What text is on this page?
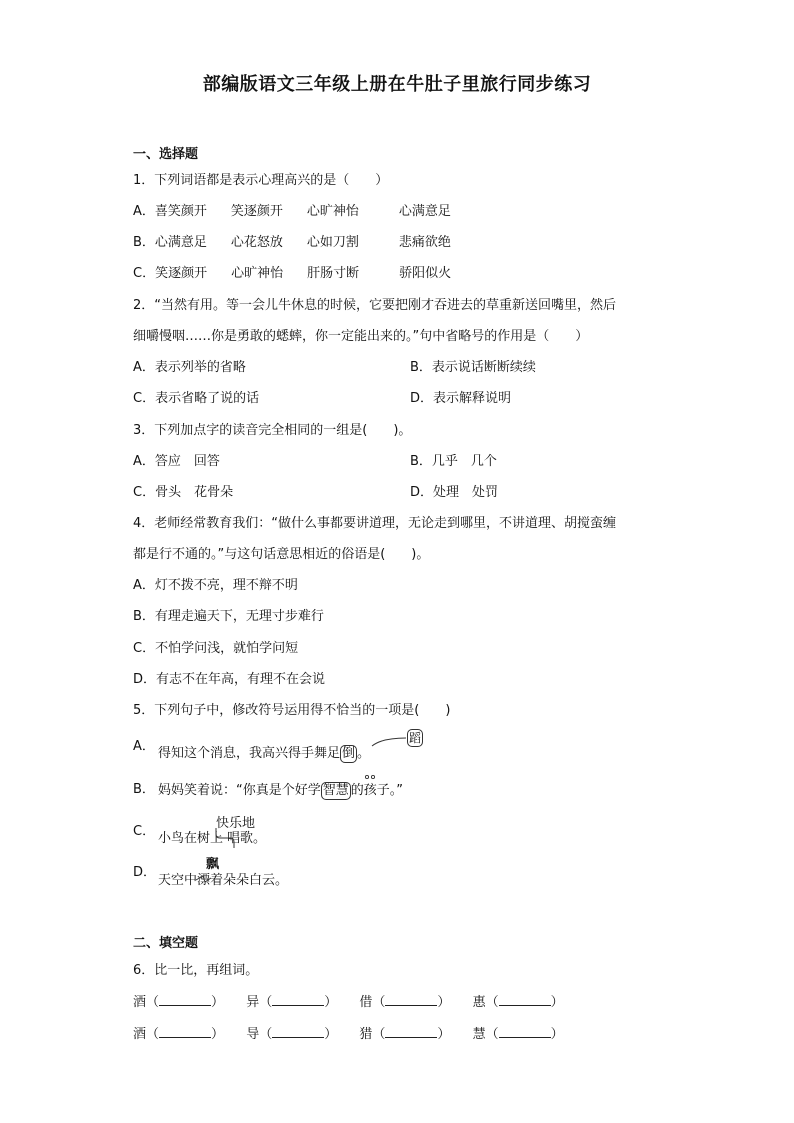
部编版语文三年级上册在牛肚子里旅行同步练习
一、选择题
1．下列词语都是表示心理高兴的是（　　）
A．喜笑颜开 笑逐颜开 心旷神怡	心满意足
B．心满意足 心花怒放 心如刀割	悲痛欲绝
C．笑逐颜开 心旷神怡 肝肠寸断	骄阳似火
2．“当然有用。等一会儿牛休息的时候，它要把刚才吞进去的草重新送回嘴里，然后
细嚼慢咽……你是勇敢的蟋蟀，你一定能出来的。”句中省略号的作用是（　　）
A．表示列举的省略	B．表示说话断断续续
C．表示省略了说的话	D．表示解释说明
3．下列加点字的读音完全相同的一组是(　　)。
A．答应　回答	B．几乎　几个
C．骨头　花骨朵	D．处理　处罚
4．老师经常教育我们：“做什么事都要讲道理，无论走到哪里，不讲道理、胡搅蛮缠
都是行不通的。”与这句话意思相近的俗语是(　　)。
A．灯不拨不亮，理不辩不明
B．有理走遍天下，无理寸步难行
C．不怕学问浅，就怕学问短
D．有志不在年高，有理不在会说
5．下列句子中，修改符号运用得不恰当的一项是(　　)
A． 得知这个消息，我高兴得手舞足 倒 。
蹈
B． 妈妈笑着说：“你真是个好学 智慧 的孩子。”
C．
快乐地
小鸟在树上 唱歌。
D．
飘
天空中漂
着朵朵白云。
二、填空题
6．比一比，再组词。
酒（	） 异（	） 借（	） 惠（	）
酒（	） 导（	） 猎（	） 慧（	）
